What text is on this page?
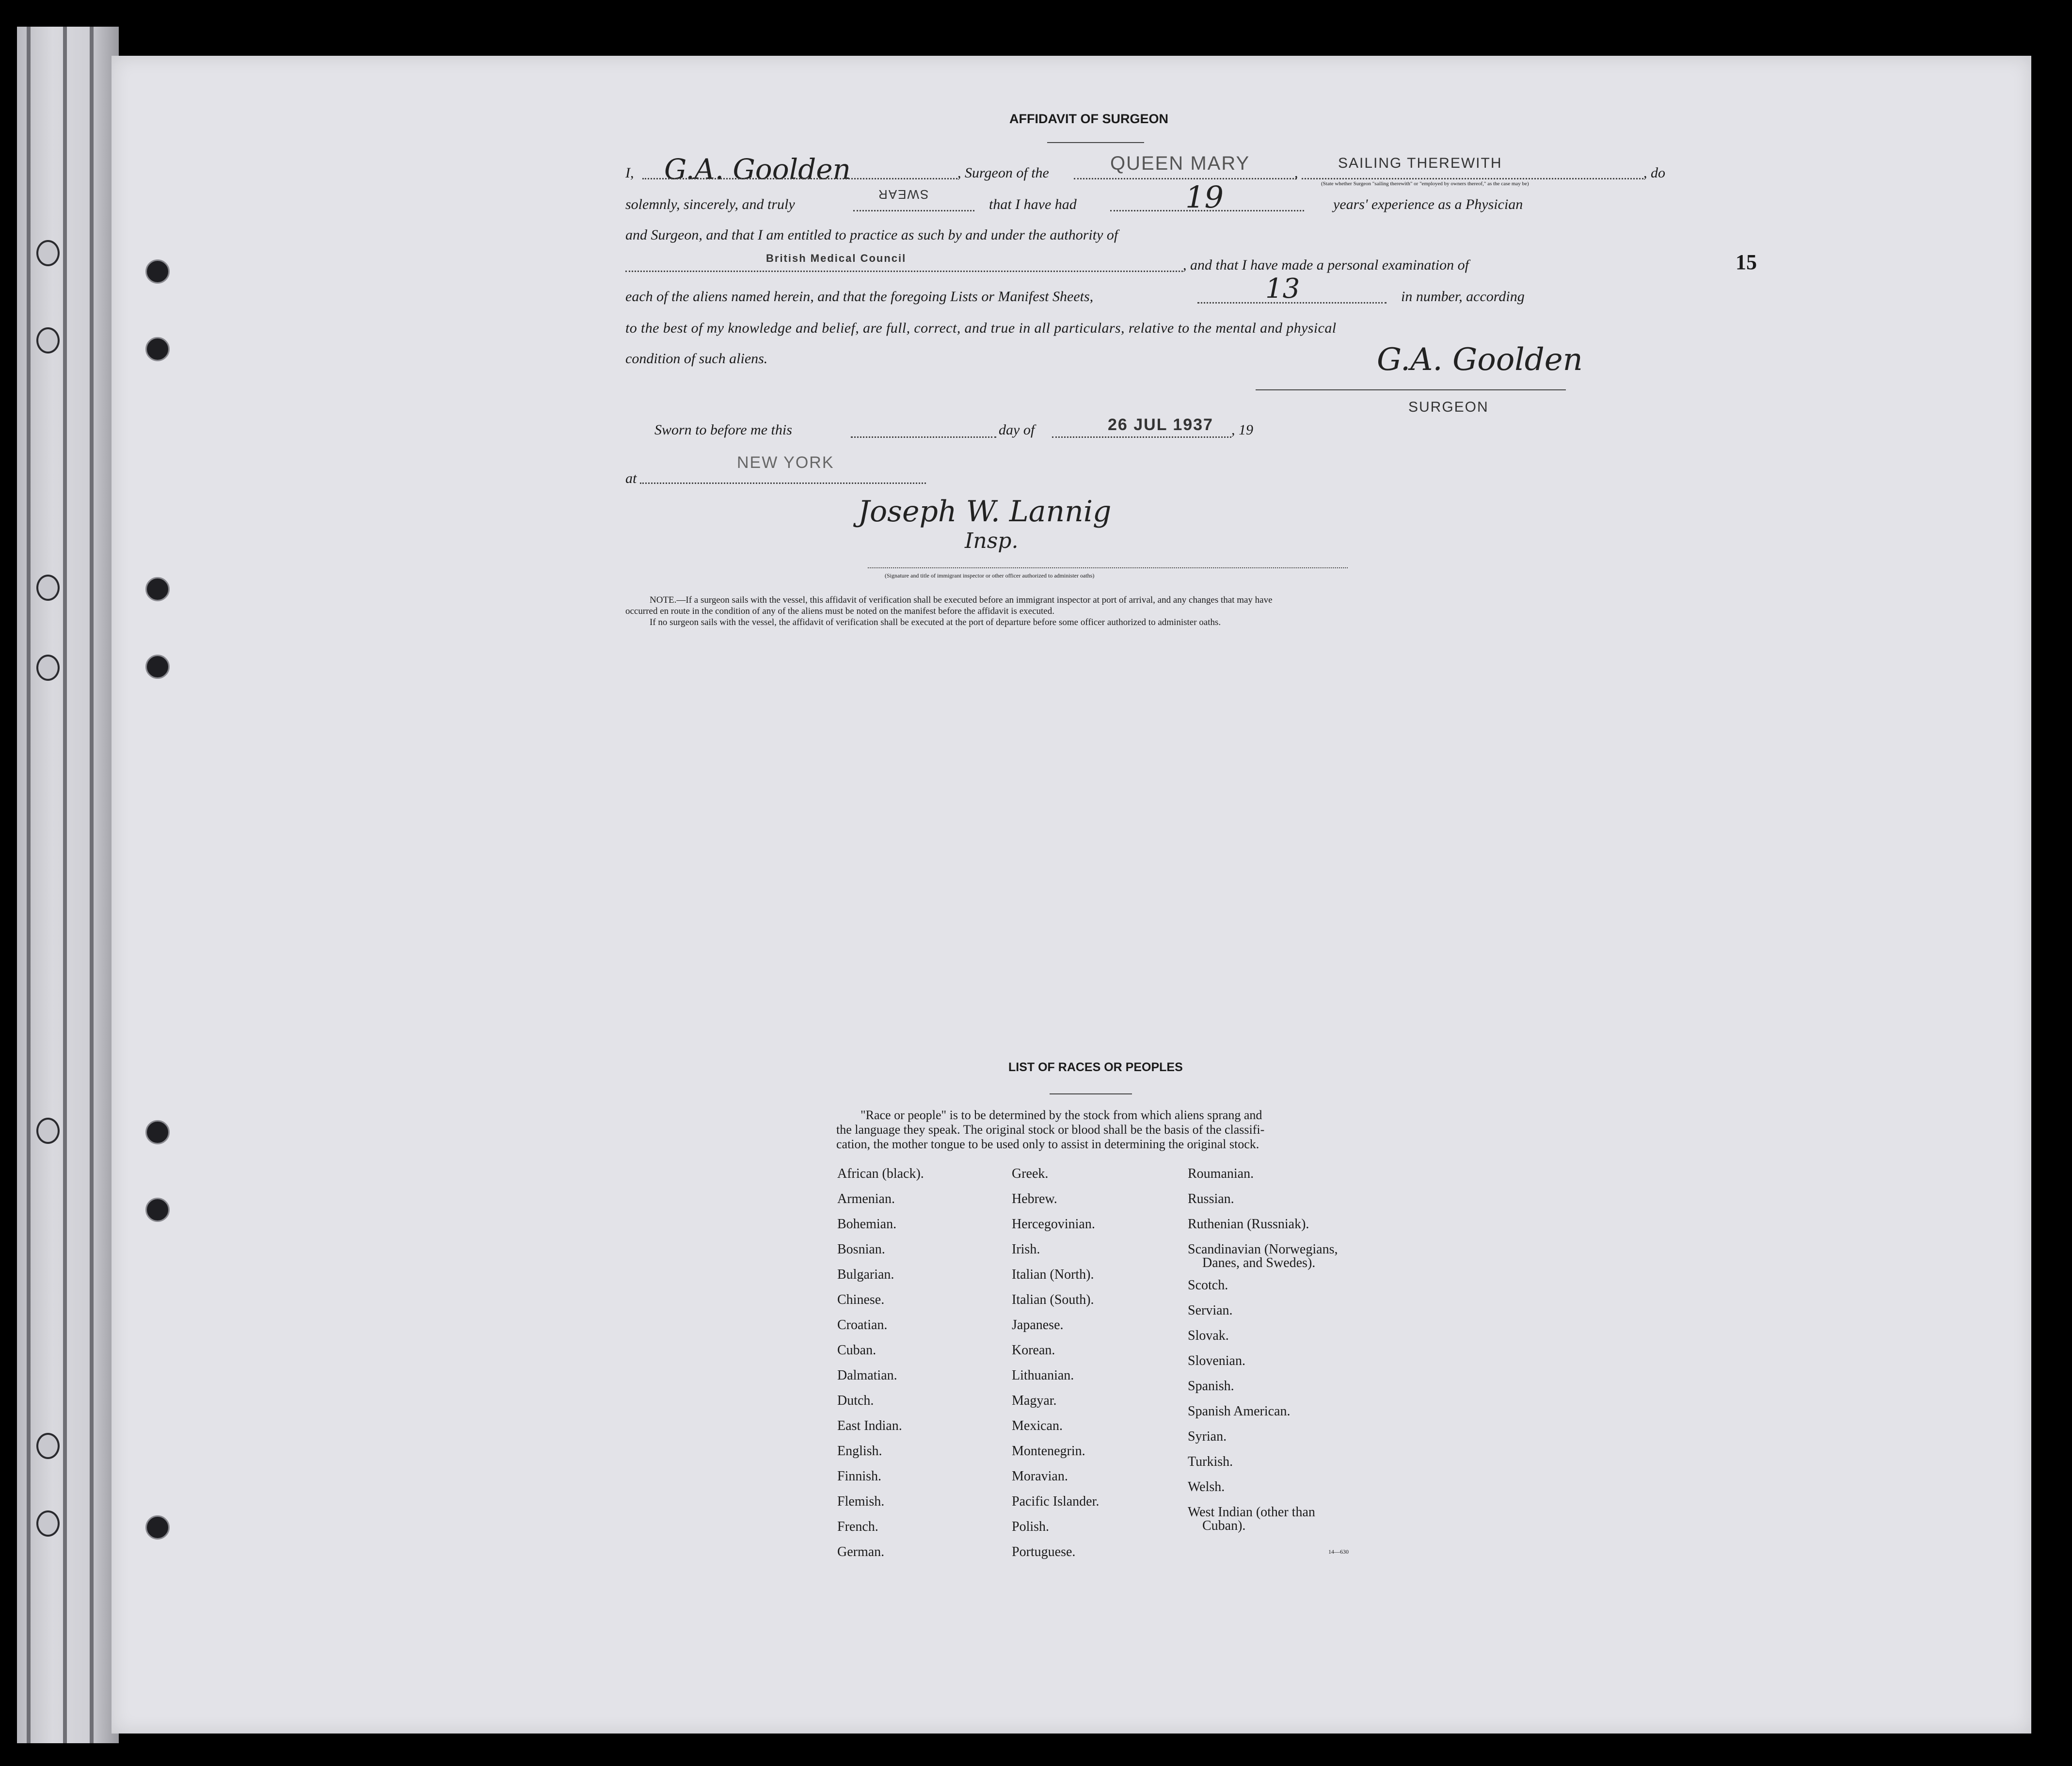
15
AFFIDAVIT OF SURGEON
I, G.A. Goolden	, Surgeon of the	QUEEN MARY	,
SAILING THEREWITH
, do
(State whether Surgeon "sailing therewith" or "employed by owners thereof," as the case may be)
solemnly, sincerely, and truly
SWEAR
that I have had	19	years' experience as a Physician
and Surgeon, and that I am entitled to practice as such by and under the authority of
British Medical Council	, and that I have made a personal examination of
each of the aliens named herein, and that the foregoing Lists or Manifest Sheets,	13	in number, according
to the best of my knowledge and belief, are full, correct, and true in all particulars, relative to the mental and physical
condition of such aliens.	G.A. Goolden
SURGEON
Sworn to before me this	day of	26 JUL 1937 , 19
at
NEW YORK
Joseph W. Lannig
Insp.
(Signature and title of immigrant inspector or other officer authorized to administer oaths)
NOTE.—If a surgeon sails with the vessel, this affidavit of verification shall be executed before an immigrant inspector at port of arrival, and any changes that may have
occurred en route in the condition of any of the aliens must be noted on the manifest before the affidavit is executed.
If no surgeon sails with the vessel, the affidavit of verification shall be executed at the port of departure before some officer authorized to administer oaths.
LIST OF RACES OR PEOPLES
"Race or people" is to be determined by the stock from which aliens sprang and
the language they speak. The original stock or blood shall be the basis of the classifi-
cation, the mother tongue to be used only to assist in determining the original stock.
African (black).
Armenian.
Bohemian.
Bosnian.
Bulgarian.
Chinese.
Croatian.
Cuban.
Dalmatian.
Dutch.
East Indian.
English.
Finnish.
Flemish.
French.
German.
Greek.
Hebrew.
Hercegovinian.
Irish.
Italian (North).
Italian (South).
Japanese.
Korean.
Lithuanian.
Magyar.
Mexican.
Montenegrin.
Moravian.
Pacific Islander.
Polish.
Portuguese.
Roumanian.
Russian.
Ruthenian (Russniak).
Scandinavian (Norwegians,
Danes, and Swedes).
Scotch.
Servian.
Slovak.
Slovenian.
Spanish.
Spanish American.
Syrian.
Turkish.
Welsh.
West Indian (other than
Cuban).
14—630
